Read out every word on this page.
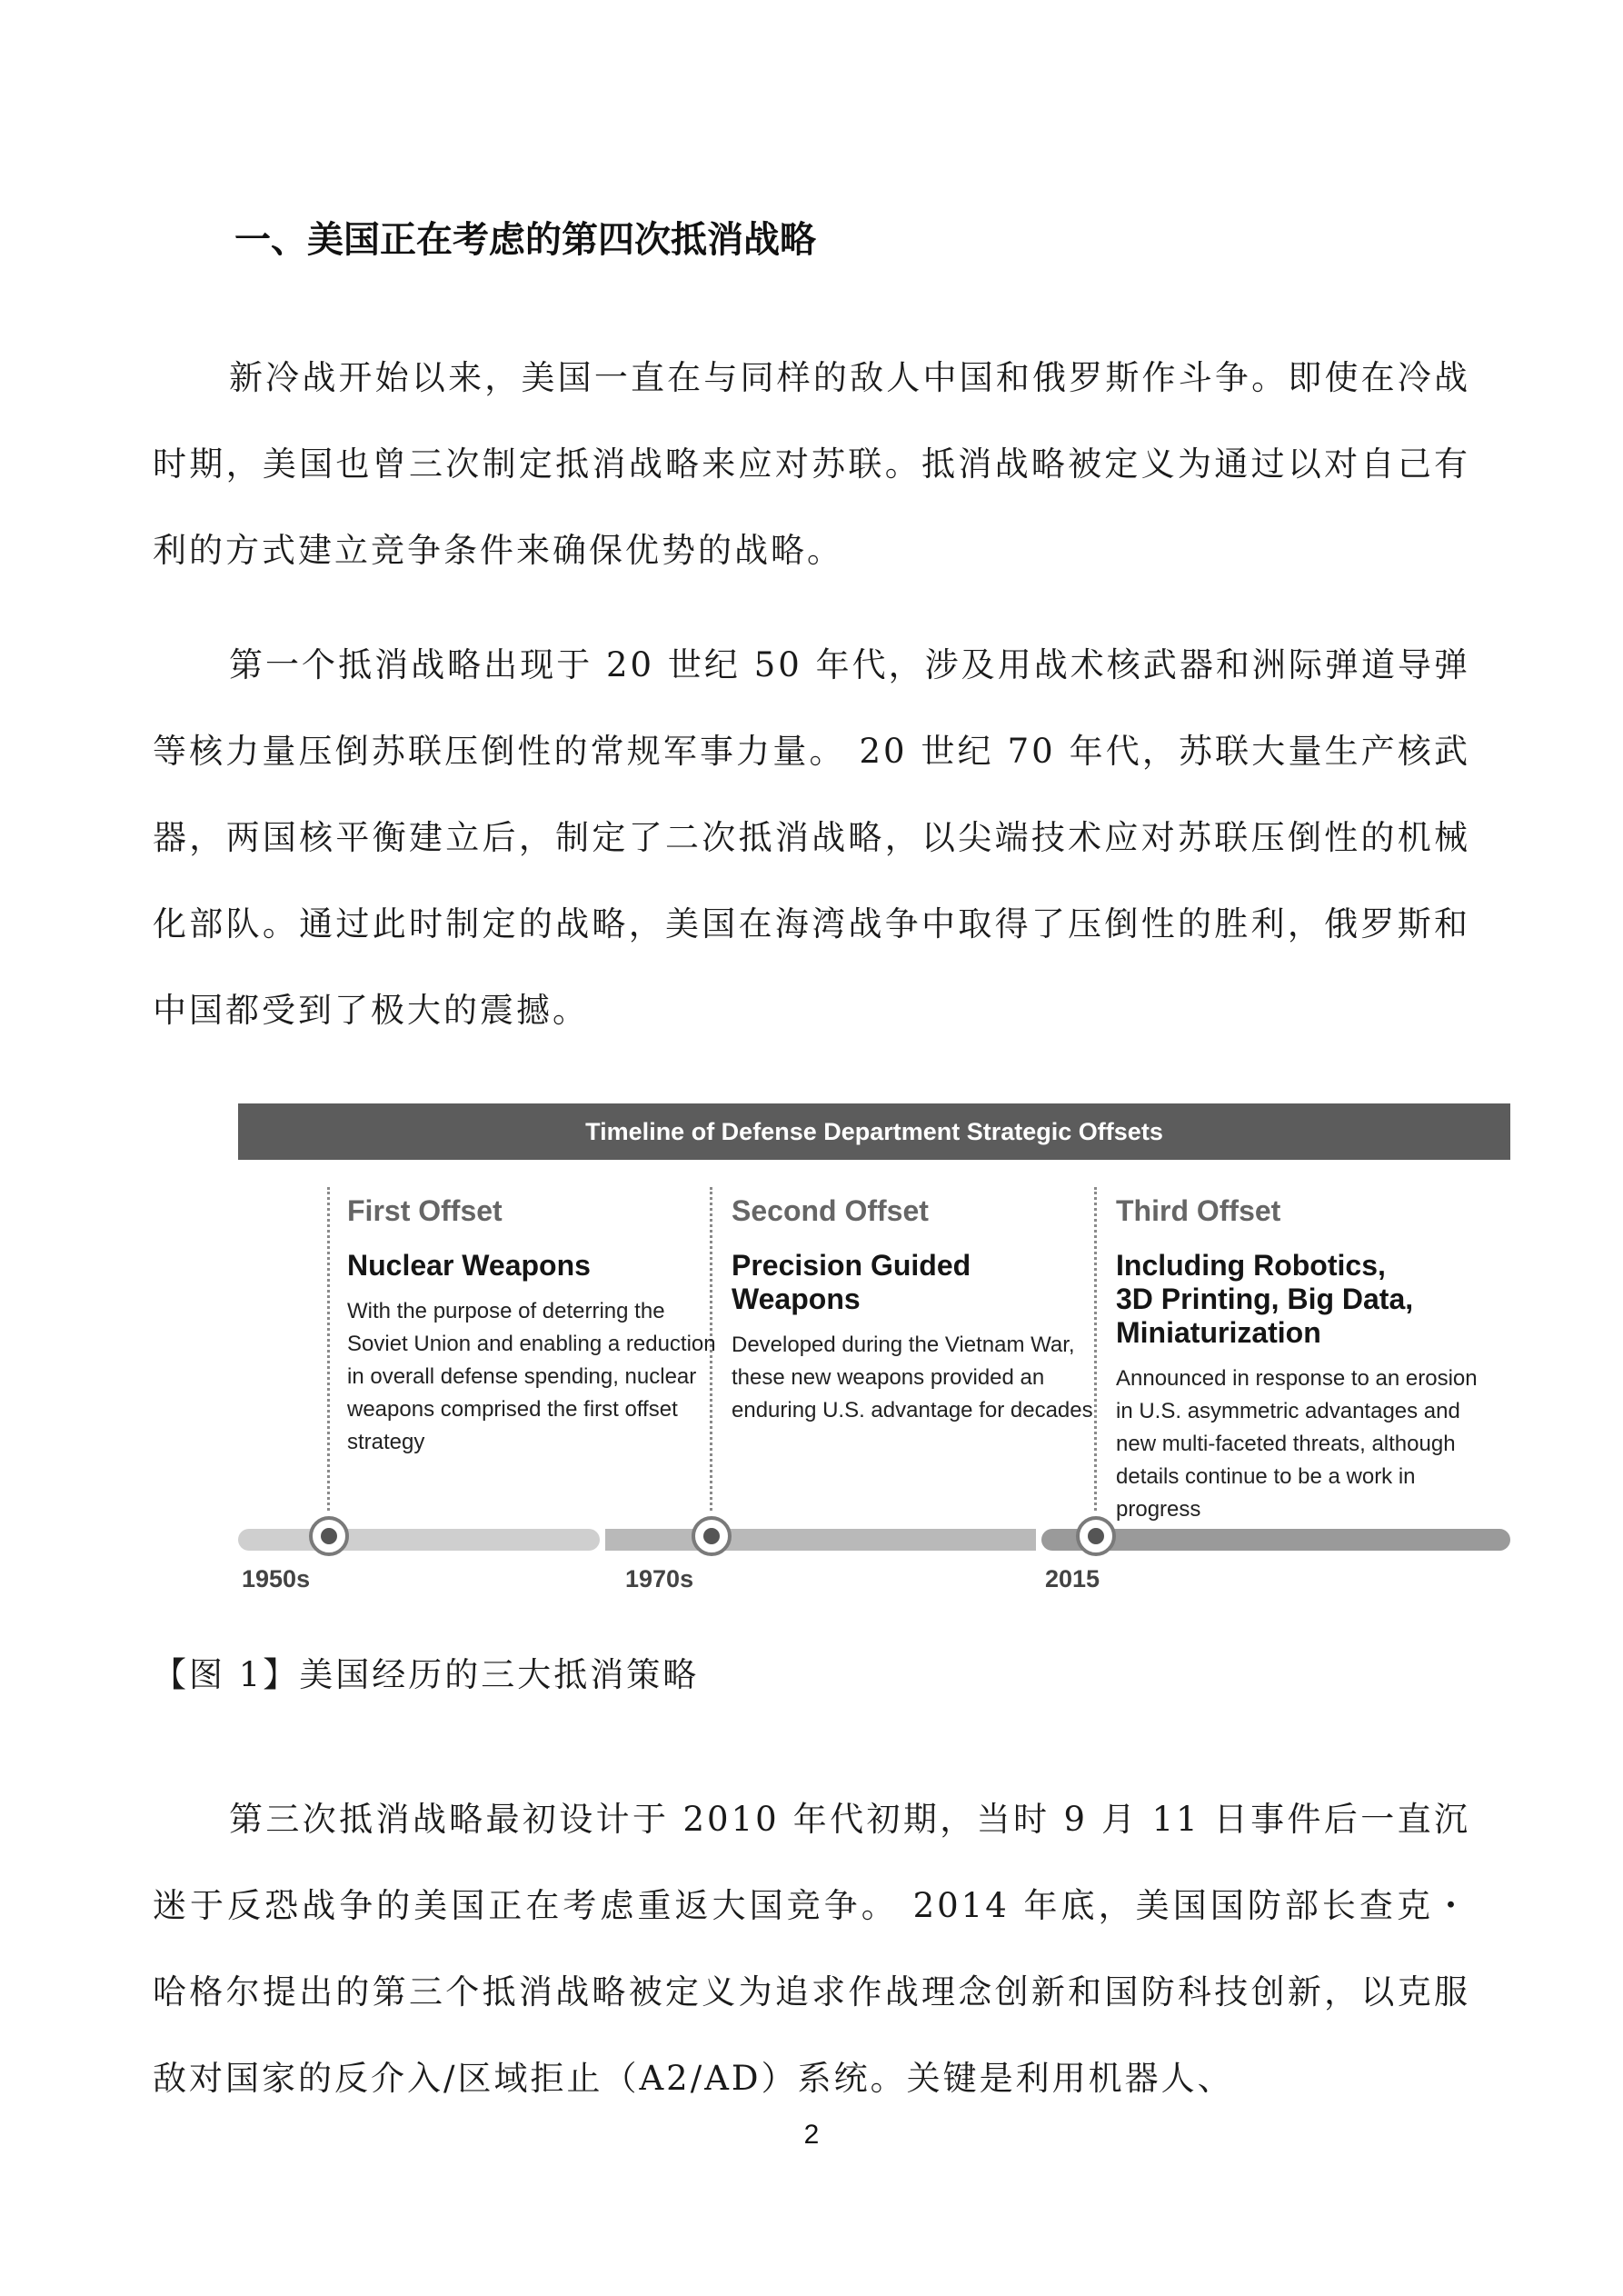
一、美国正在考虑的第四次抵消战略

新冷战开始以来，美国一直在与同样的敌人中国和俄罗斯作斗争。即使在冷战时期，美国也曾三次制定抵消战略来应对苏联。抵消战略被定义为通过以对自己有利的方式建立竞争条件来确保优势的战略。

第一个抵消战略出现于 20 世纪 50 年代，涉及用战术核武器和洲际弹道导弹等核力量压倒苏联压倒性的常规军事力量。 20 世纪 70 年代，苏联大量生产核武器，两国核平衡建立后，制定了二次抵消战略，以尖端技术应对苏联压倒性的机械化部队。通过此时制定的战略，美国在海湾战争中取得了压倒性的胜利，俄罗斯和中国都受到了极大的震撼。

Timeline of Defense Department Strategic Offsets
First Offset
Nuclear Weapons
With the purpose of deterring the Soviet Union and enabling a reduction in overall defense spending, nuclear weapons comprised the first offset strategy
Second Offset
Precision Guided Weapons
Developed during the Vietnam War, these new weapons provided an enduring U.S. advantage for decades
Third Offset
Including Robotics, 3D Printing, Big Data, Miniaturization
Announced in response to an erosion in U.S. asymmetric advantages and new multi-faceted threats, although details continue to be a work in progress
1950s	1970s	2015
【图 1】美国经历的三大抵消策略

第三次抵消战略最初设计于 2010 年代初期，当时 9 月 11 日事件后一直沉迷于反恐战争的美国正在考虑重返大国竞争。 2014 年底，美国国防部长查克・哈格尔提出的第三个抵消战略被定义为追求作战理念创新和国防科技创新，以克服敌对国家的反介入/区域拒止（A2/AD）系统。关键是利用机器人、

2
